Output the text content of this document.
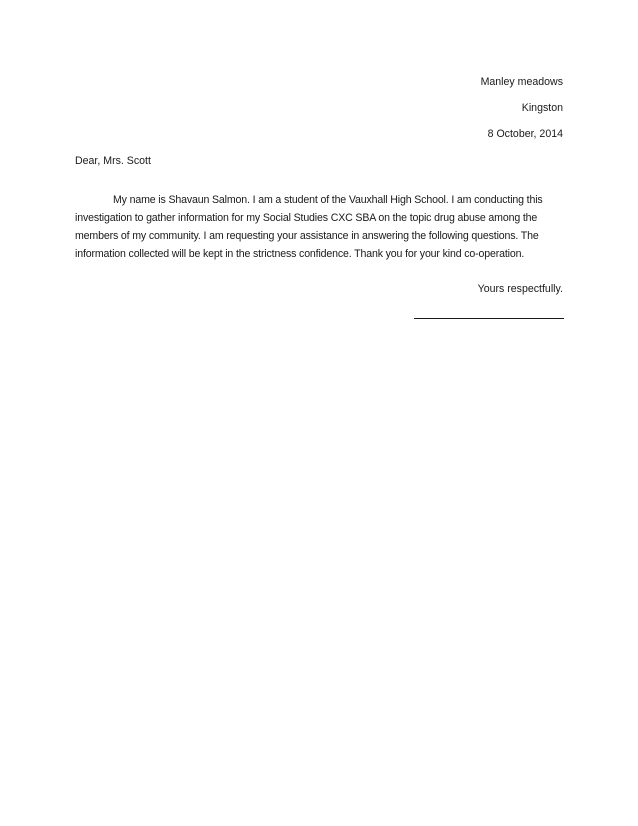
Manley meadows
Kingston
8 October, 2014
Dear, Mrs. Scott

My name is Shavaun Salmon. I am a student of the Vauxhall High School. I am conducting this investigation to gather information for my Social Studies CXC SBA on the topic drug abuse among the members of my community. I am requesting your assistance in answering the following questions. The information collected will be kept in the strictness confidence. Thank you for your kind co-operation.

Yours respectfully.
